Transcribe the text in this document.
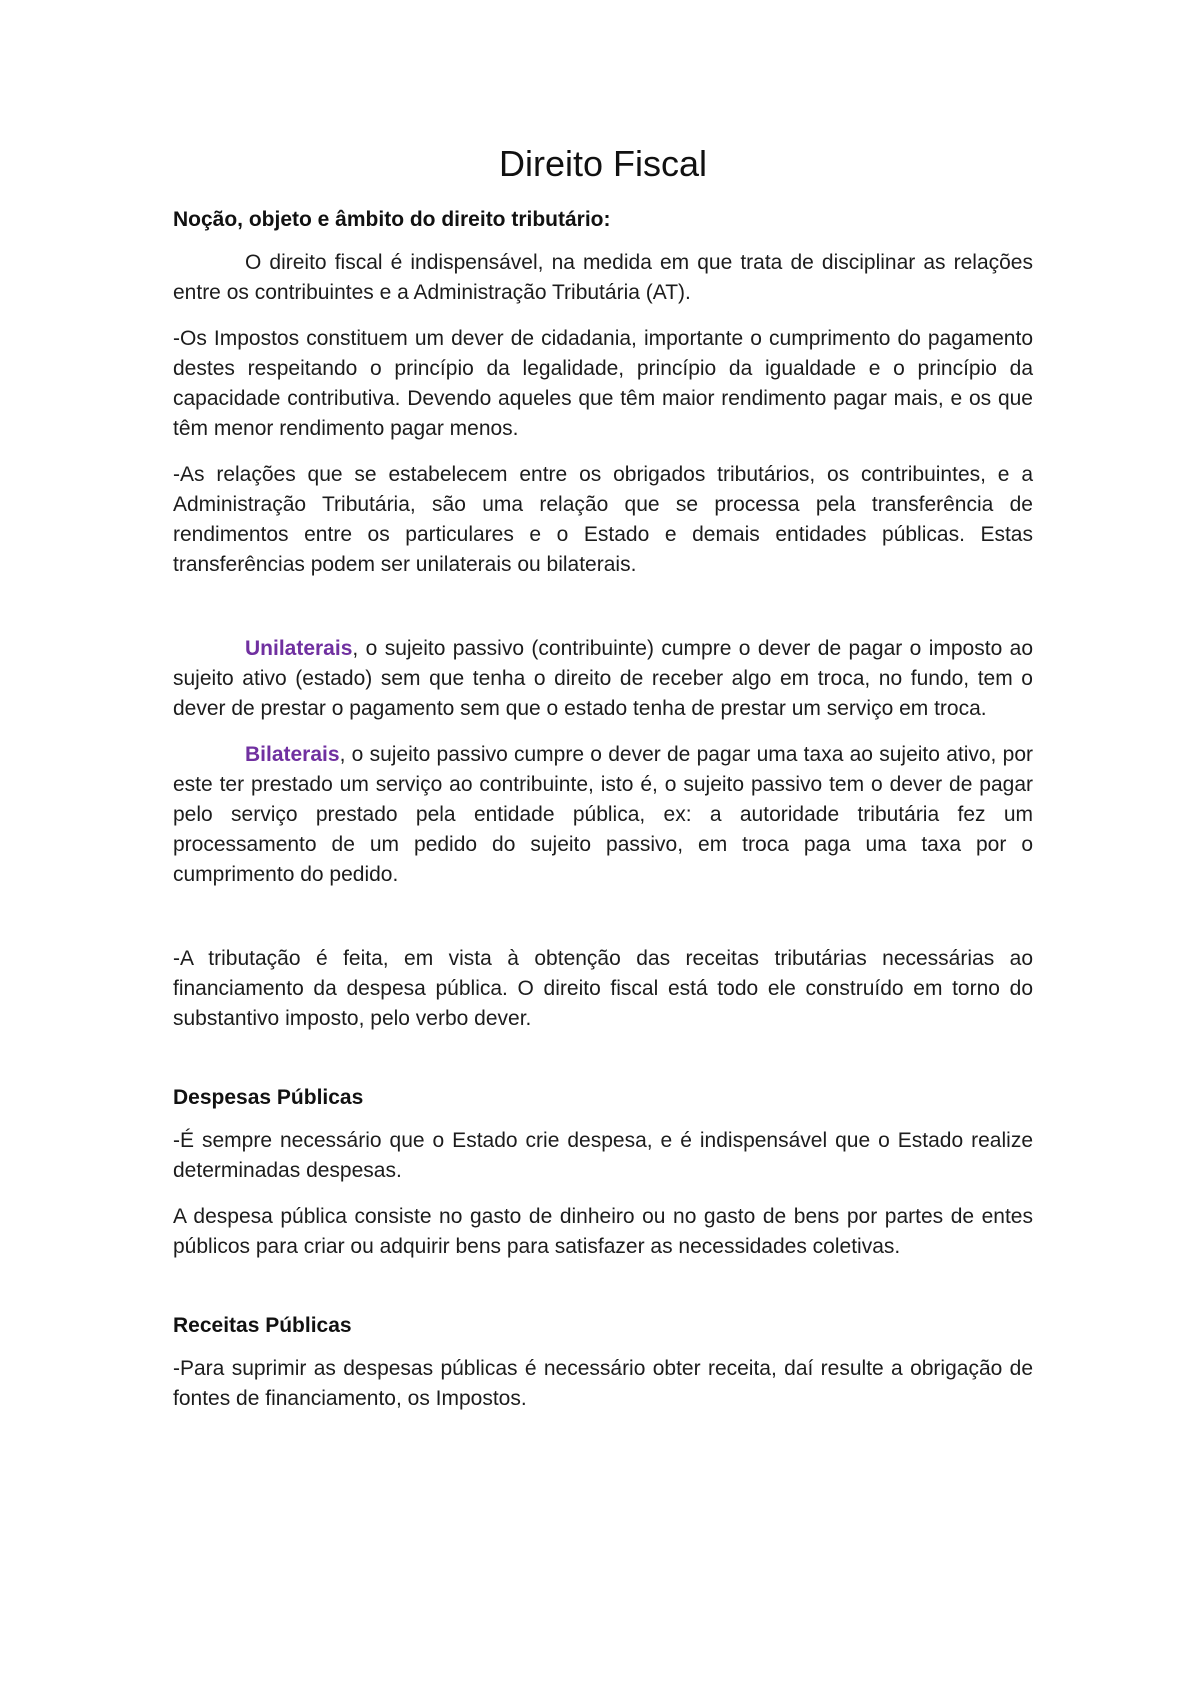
Direito Fiscal
Noção, objeto e âmbito do direito tributário:

O direito fiscal é indispensável, na medida em que trata de disciplinar as relações entre os contribuintes e a Administração Tributária (AT).

-Os Impostos constituem um dever de cidadania, importante o cumprimento do pagamento destes respeitando o princípio da legalidade, princípio da igualdade e o princípio da capacidade contributiva. Devendo aqueles que têm maior rendimento pagar mais, e os que têm menor rendimento pagar menos.

-As relações que se estabelecem entre os obrigados tributários, os contribuintes, e a Administração Tributária, são uma relação que se processa pela transferência de rendimentos entre os particulares e o Estado e demais entidades públicas. Estas transferências podem ser unilaterais ou bilaterais.

Unilaterais, o sujeito passivo (contribuinte) cumpre o dever de pagar o imposto ao sujeito ativo (estado) sem que tenha o direito de receber algo em troca, no fundo, tem o dever de prestar o pagamento sem que o estado tenha de prestar um serviço em troca.

Bilaterais, o sujeito passivo cumpre o dever de pagar uma taxa ao sujeito ativo, por este ter prestado um serviço ao contribuinte, isto é, o sujeito passivo tem o dever de pagar pelo serviço prestado pela entidade pública, ex: a autoridade tributária fez um processamento de um pedido do sujeito passivo, em troca paga uma taxa por o cumprimento do pedido.

-A tributação é feita, em vista à obtenção das receitas tributárias necessárias ao financiamento da despesa pública. O direito fiscal está todo ele construído em torno do substantivo imposto, pelo verbo dever.

Despesas Públicas

-É sempre necessário que o Estado crie despesa, e é indispensável que o Estado realize determinadas despesas.

A despesa pública consiste no gasto de dinheiro ou no gasto de bens por partes de entes públicos para criar ou adquirir bens para satisfazer as necessidades coletivas.

Receitas Públicas

-Para suprimir as despesas públicas é necessário obter receita, daí resulte a obrigação de fontes de financiamento, os Impostos.
